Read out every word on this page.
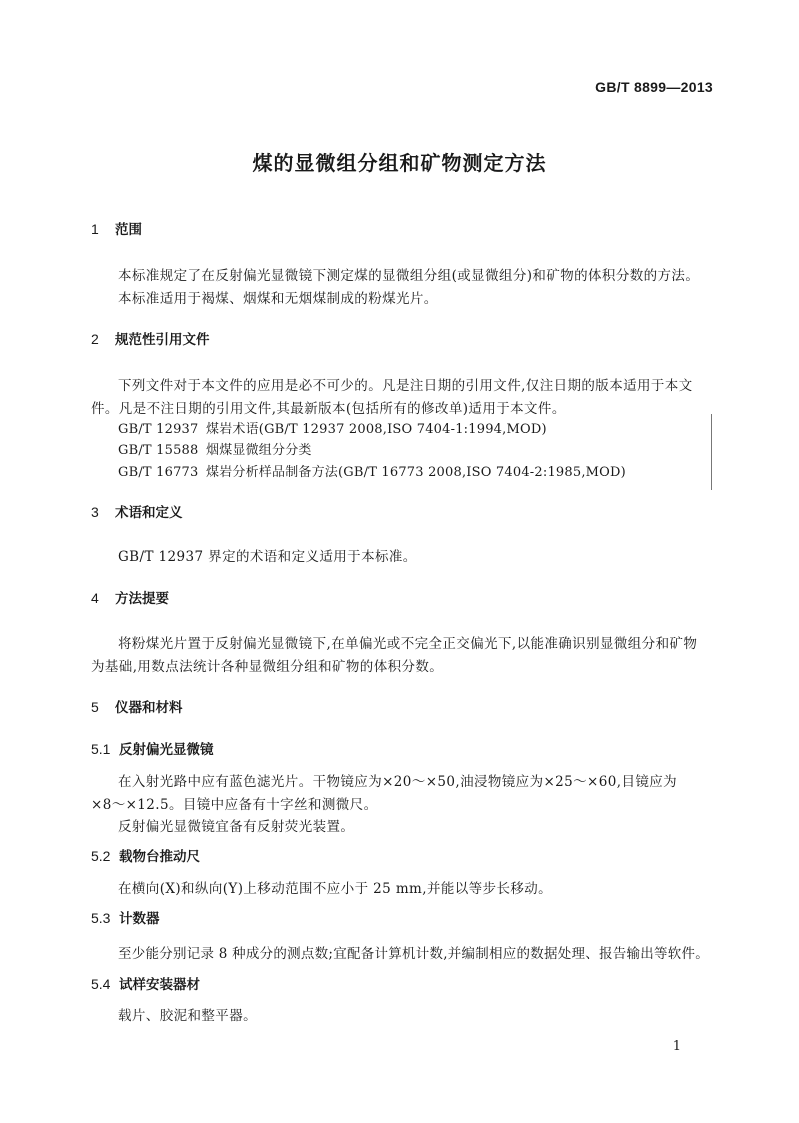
GB/T 8899—2013
煤的显微组分组和矿物测定方法
1 范围
本标准规定了在反射偏光显微镜下测定煤的显微组分组(或显微组分)和矿物的体积分数的方法。
本标准适用于褐煤、烟煤和无烟煤制成的粉煤光片。
2 规范性引用文件
下列文件对于本文件的应用是必不可少的。凡是注日期的引用文件,仅注日期的版本适用于本文
件。凡是不注日期的引用文件,其最新版本(包括所有的修改单)适用于本文件。
GB/T 12937 煤岩术语(GB/T 12937 2008,ISO 7404-1:1994,MOD)
GB/T 15588 烟煤显微组分分类
GB/T 16773 煤岩分析样品制备方法(GB/T 16773 2008,ISO 7404-2:1985,MOD)
3 术语和定义
GB/T 12937 界定的术语和定义适用于本标准。
4 方法提要
将粉煤光片置于反射偏光显微镜下,在单偏光或不完全正交偏光下,以能准确识别显微组分和矿物
为基础,用数点法统计各种显微组分组和矿物的体积分数。
5 仪器和材料
5.1 反射偏光显微镜
在入射光路中应有蓝色滤光片。干物镜应为×20～×50,油浸物镜应为×25～×60,目镜应为
×8～×12.5。目镜中应备有十字丝和测微尺。
反射偏光显微镜宜备有反射荧光装置。
5.2 载物台推动尺
在横向(X)和纵向(Y)上移动范围不应小于 25 mm,并能以等步长移动。
5.3 计数器
至少能分别记录 8 种成分的测点数;宜配备计算机计数,并编制相应的数据处理、报告输出等软件。
5.4 试样安装器材
载片、胶泥和整平器。
1
